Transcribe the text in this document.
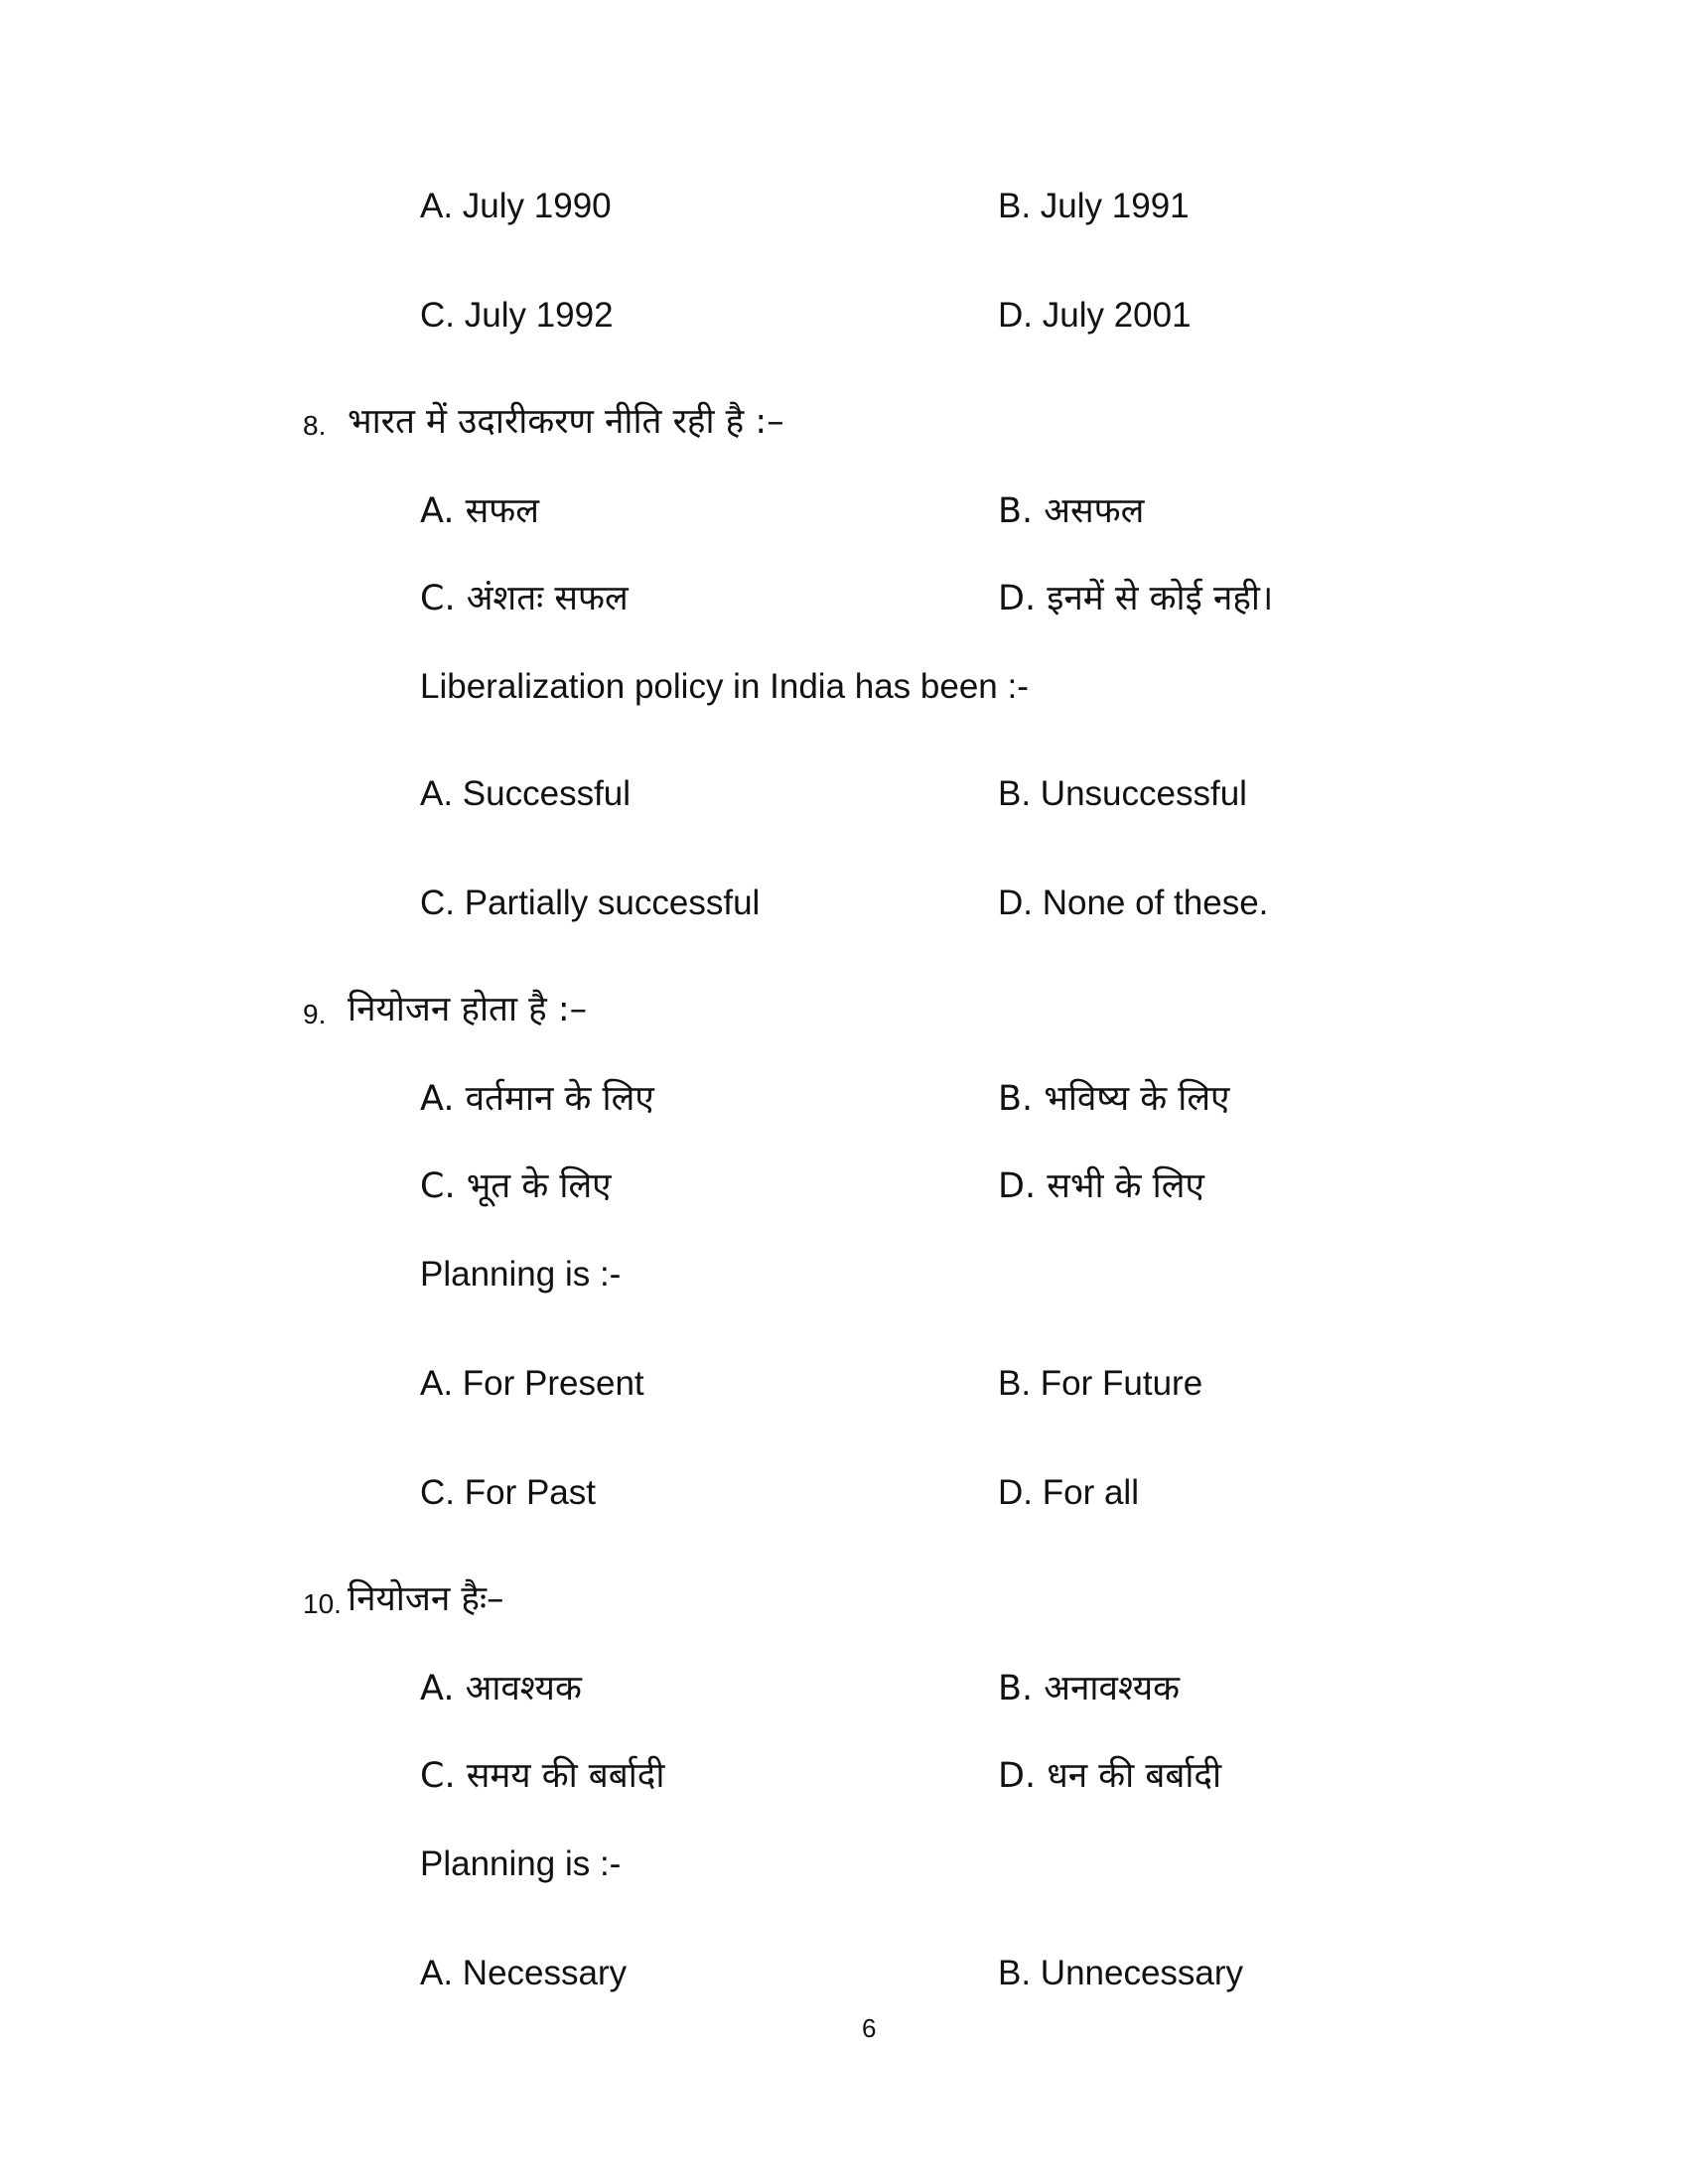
A. July 1990	B. July 1991
C. July 1992	D. July 2001
8. भारत में उदारीकरण नीति रही है :–
A. सफल	B. असफल
C. अंशतः सफल	D. इनमें से कोई नही।
Liberalization policy in India has been :-
A. Successful	B. Unsuccessful
C. Partially successful	D. None of these.
9. नियोजन होता है :–
A. वर्तमान के लिए	B. भविष्य के लिए
C. भूत के लिए	D. सभी के लिए
Planning is :-
A. For Present	B. For Future
C. For Past	D. For all
10. नियोजन हैः–
A. आवश्यक	B. अनावश्यक
C. समय की बर्बादी	D. धन की बर्बादी
Planning is :-
A. Necessary	B. Unnecessary
6
